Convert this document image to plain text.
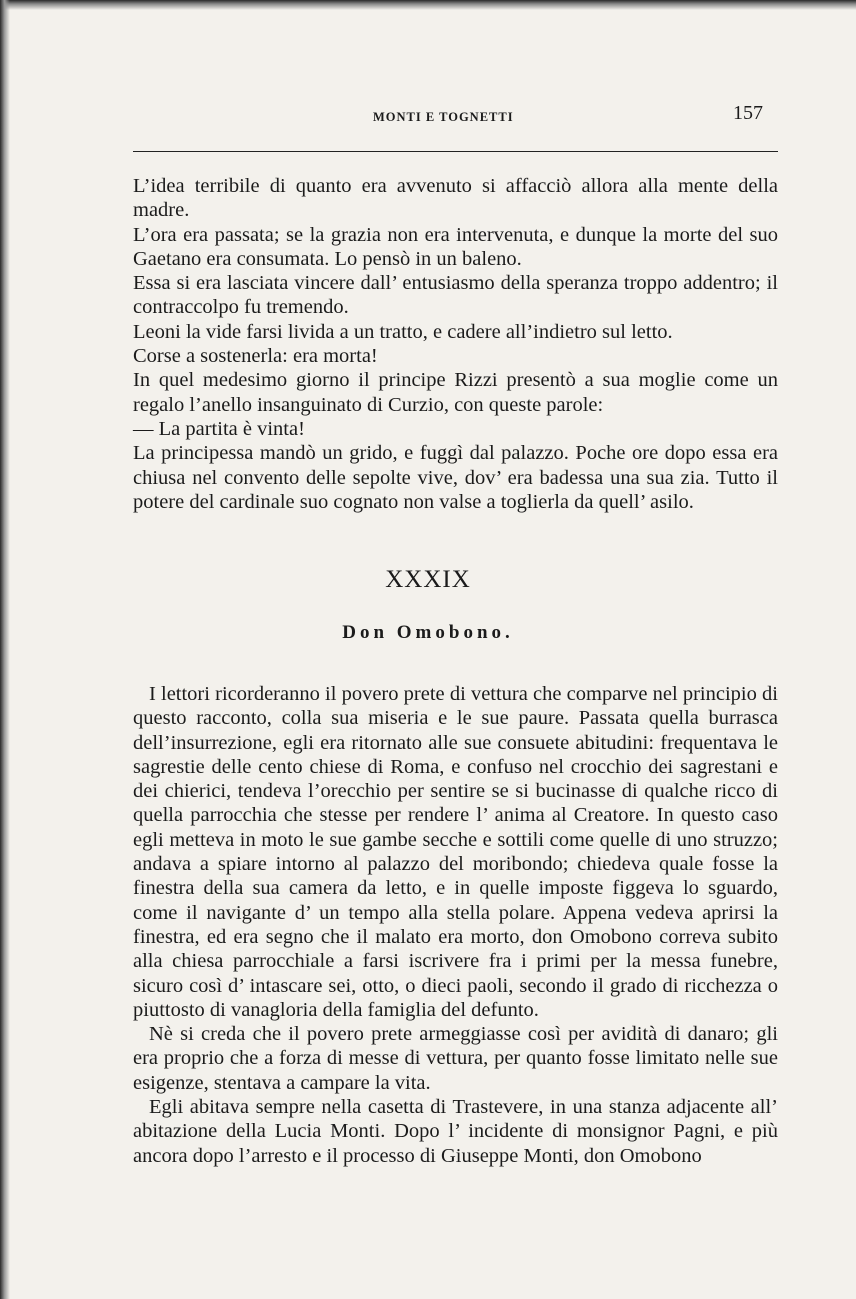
MONTI E TOGNETTI	157

L’idea terribile di quanto era avvenuto si affacciò allora alla mente della madre.

L’ora era passata; se la grazia non era intervenuta, e dunque la morte del suo Gaetano era consumata. Lo pensò in un baleno.

Essa si era lasciata vincere dall’ entusiasmo della speranza troppo addentro; il contraccolpo fu tremendo.

Leoni la vide farsi livida a un tratto, e cadere all’indietro sul letto.

Corse a sostenerla: era morta!

In quel medesimo giorno il principe Rizzi presentò a sua moglie come un regalo l’anello insanguinato di Curzio, con queste parole:

— La partita è vinta!

La principessa mandò un grido, e fuggì dal palazzo. Poche ore dopo essa era chiusa nel convento delle sepolte vive, dov’ era badessa una sua zia. Tutto il potere del cardinale suo cognato non valse a toglierla da quell’ asilo.

XXXIX
Don Omobono.

I lettori ricorderanno il povero prete di vettura che comparve nel principio di questo racconto, colla sua miseria e le sue paure. Passata quella burrasca dell’insurrezione, egli era ritornato alle sue consuete abitudini: frequentava le sagrestie delle cento chiese di Roma, e confuso nel crocchio dei sagrestani e dei chierici, tendeva l’orecchio per sentire se si bucinasse di qualche ricco di quella parrocchia che stesse per rendere l’ anima al Creatore. In questo caso egli metteva in moto le sue gambe secche e sottili come quelle di uno struzzo; andava a spiare intorno al palazzo del moribondo; chiedeva quale fosse la finestra della sua camera da letto, e in quelle imposte figgeva lo sguardo, come il navigante d’ un tempo alla stella polare. Appena vedeva aprirsi la finestra, ed era segno che il malato era morto, don Omobono correva subito alla chiesa parrocchiale a farsi iscrivere fra i primi per la messa funebre, sicuro così d’ intascare sei, otto, o dieci paoli, secondo il grado di ricchezza o piuttosto di vanagloria della famiglia del defunto.

Nè si creda che il povero prete armeggiasse così per avidità di danaro; gli era proprio che a forza di messe di vettura, per quanto fosse limitato nelle sue esigenze, stentava a campare la vita.

Egli abitava sempre nella casetta di Trastevere, in una stanza adjacente all’ abitazione della Lucia Monti. Dopo l’ incidente di monsignor Pagni, e più ancora dopo l’arresto e il processo di Giuseppe Monti, don Omobono
